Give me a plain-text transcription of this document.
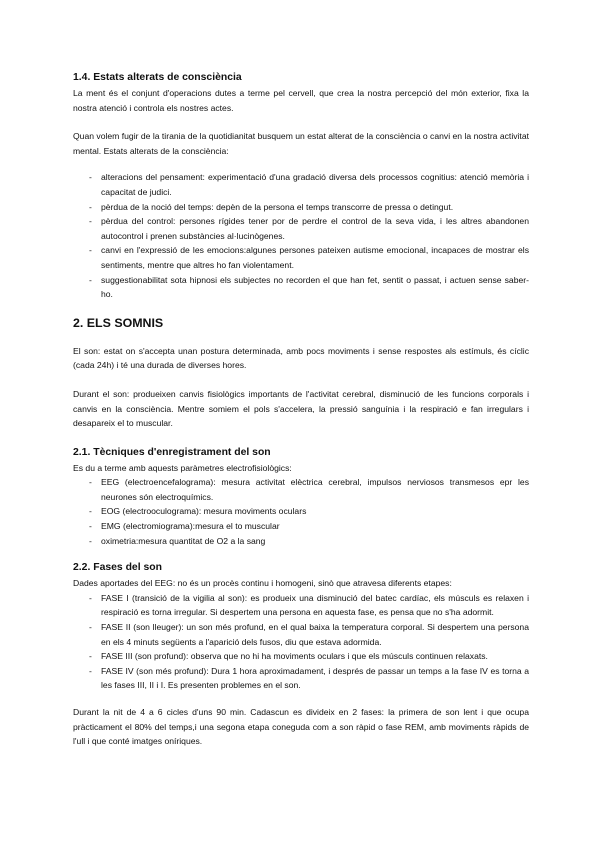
1.4. Estats alterats de consciència

La ment és el conjunt d'operacions dutes a terme pel cervell, que crea la nostra percepció del món exterior, fixa la nostra atenció i controla els nostres actes.

Quan volem fugir de la tirania de la quotidianitat busquem un estat alterat de la consciència o canvi en la nostra activitat mental. Estats alterats de la consciència:

- alteracions del pensament: experimentació d'una gradació diversa dels processos cognitius: atenció memòria i capacitat de judici.
- pèrdua de la noció del temps: depèn de la persona el temps transcorre de pressa o detingut.
- pèrdua del control: persones rígides tener por de perdre el control de la seva vida, i les altres abandonen autocontrol i prenen substàncies al·lucinògenes.
- canvi en l'expressió de les emocions:algunes persones pateixen autisme emocional, incapaces de mostrar els sentiments, mentre que altres ho fan violentament.
- suggestionabilitat sota hipnosi els subjectes no recorden el que han fet, sentit o passat, i actuen sense saber-ho.
2. ELS SOMNIS

El son: estat on s'accepta unan postura determinada, amb pocs moviments i sense respostes als estímuls, és cíclic (cada 24h) i té una durada de diverses hores.

Durant el son: produeixen canvis fisiològics importants de l'activitat cerebral, disminució de les funcions corporals i canvis en la consciència. Mentre somiem el pols s'accelera, la pressió sanguínia i la respiració e fan irregulars i desapareix el to muscular.

2.1. Tècniques d'enregistrament del son

Es du a terme amb aquests paràmetres electrofisiològics:

- EEG (electroencefalograma): mesura activitat elèctrica cerebral, impulsos nerviosos transmesos epr les neurones són electroquímics.
- EOG (electrooculograma): mesura moviments oculars
- EMG (electromiograma):mesura el to muscular
- oximetria:mesura quantitat de O2 a la sang
2.2. Fases del son

Dades aportades del EEG: no és un procès continu i homogeni, sinò que atravesa diferents etapes:

- FASE I (transició de la vigilia al son): es produeix una disminució del batec cardíac, els músculs es relaxen i respiració es torna irregular. Si despertem una persona en aquesta fase, es pensa que no s'ha adormit.
- FASE II (son lleuger): un son més profund, en el qual baixa la temperatura corporal. Si despertem una persona en els 4 minuts següents a l'aparició dels fusos, diu que estava adormida.
- FASE III (son profund): observa que no hi ha moviments oculars i que els músculs continuen relaxats.
- FASE IV (son més profund): Dura 1 hora aproximadament, i després de passar un temps a la fase IV es torna a les fases III, II i I. Es presenten problemes en el son.

Durant la nit de 4 a 6 cicles d'uns 90 min. Cadascun es divideix en 2 fases: la primera de son lent i que ocupa pràcticament el 80% del temps,i una segona etapa coneguda com a son ràpid o fase REM, amb moviments ràpids de l'ull i que conté imatges oníriques.
